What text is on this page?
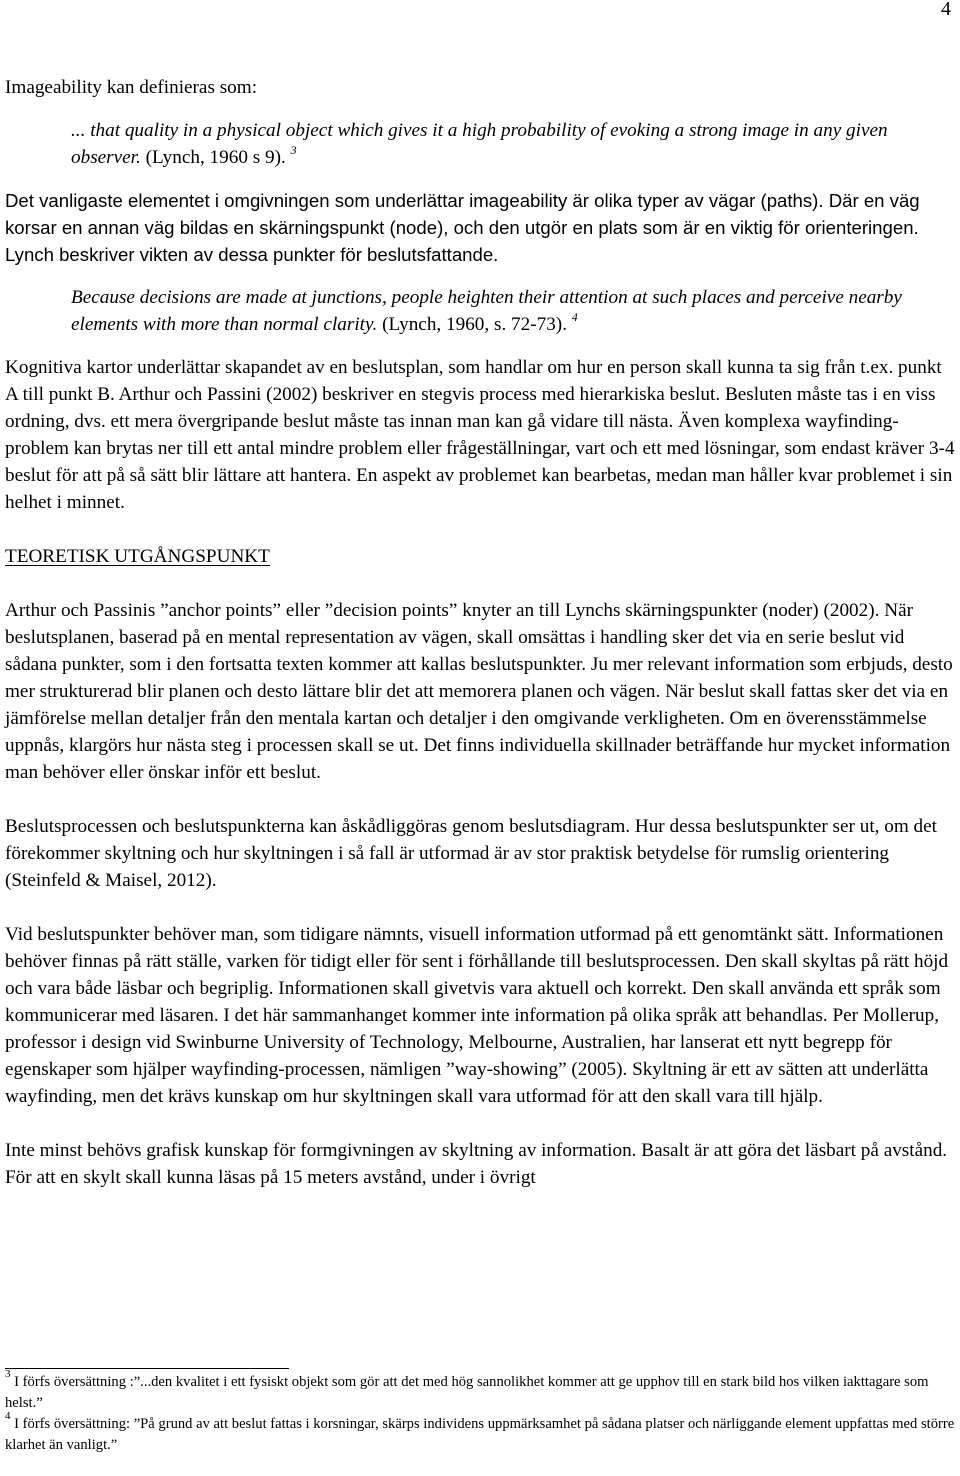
4

Imageability kan definieras som:

... that quality in a physical object which gives it a high probability of evoking a strong image in any given observer. (Lynch, 1960 s 9). $^3$

Det vanligaste elementet i omgivningen som underlättar imageability är olika typer av vägar (paths). Där en väg korsar en annan väg bildas en skärningspunkt (node), och den utgör en plats som är en viktig för orienteringen. Lynch beskriver vikten av dessa punkter för beslutsfattande.

Because decisions are made at junctions, people heighten their attention at such places and perceive nearby elements with more than normal clarity. (Lynch, 1960, s. 72-73). $^4$

Kognitiva kartor underlättar skapandet av en beslutsplan, som handlar om hur en person skall kunna ta sig från t.ex. punkt A till punkt B. Arthur och Passini (2002) beskriver en stegvis process med hierarkiska beslut. Besluten måste tas i en viss ordning, dvs. ett mera övergripande beslut måste tas innan man kan gå vidare till nästa. Även komplexa wayfinding-problem kan brytas ner till ett antal mindre problem eller frågeställningar, vart och ett med lösningar, som endast kräver 3-4 beslut för att på så sätt blir lättare att hantera. En aspekt av problemet kan bearbetas, medan man håller kvar problemet i sin helhet i minnet.

TEORETISK UTGÅNGSPUNKT

Arthur och Passinis ”anchor points” eller ”decision points” knyter an till Lynchs skärningspunkter (noder) (2002). När beslutsplanen, baserad på en mental representation av vägen, skall omsättas i handling sker det via en serie beslut vid sådana punkter, som i den fortsatta texten kommer att kallas beslutspunkter. Ju mer relevant information som erbjuds, desto mer strukturerad blir planen och desto lättare blir det att memorera planen och vägen. När beslut skall fattas sker det via en jämförelse mellan detaljer från den mentala kartan och detaljer i den omgivande verkligheten. Om en överensstämmelse uppnås, klargörs hur nästa steg i processen skall se ut. Det finns individuella skillnader beträffande hur mycket information man behöver eller önskar inför ett beslut.

Beslutsprocessen och beslutspunkterna kan åskådliggöras genom beslutsdiagram. Hur dessa beslutspunkter ser ut, om det förekommer skyltning och hur skyltningen i så fall är utformad är av stor praktisk betydelse för rumslig orientering (Steinfeld & Maisel, 2012).

Vid beslutspunkter behöver man, som tidigare nämnts, visuell information utformad på ett genomtänkt sätt. Informationen behöver finnas på rätt ställe, varken för tidigt eller för sent i förhållande till beslutsprocessen. Den skall skyltas på rätt höjd och vara både läsbar och begriplig. Informationen skall givetvis vara aktuell och korrekt. Den skall använda ett språk som kommunicerar med läsaren. I det här sammanhanget kommer inte information på olika språk att behandlas. Per Mollerup, professor i design vid Swinburne University of Technology, Melbourne, Australien, har lanserat ett nytt begrepp för egenskaper som hjälper wayfinding-processen, nämligen ”way-showing” (2005). Skyltning är ett av sätten att underlätta wayfinding, men det krävs kunskap om hur skyltningen skall vara utformad för att den skall vara till hjälp.

Inte minst behövs grafisk kunskap för formgivningen av skyltning av information. Basalt är att göra det läsbart på avstånd. För att en skylt skall kunna läsas på 15 meters avstånd, under i övrigt

$^3$ I förfs översättning :”...den kvalitet i ett fysiskt objekt som gör att det med hög sannolikhet kommer att ge upphov till en stark bild hos vilken iakttagare som helst.”

$^4$ I förfs översättning: ”På grund av att beslut fattas i korsningar, skärps individens uppmärksamhet på sådana platser och närliggande element uppfattas med större klarhet än vanligt.”
